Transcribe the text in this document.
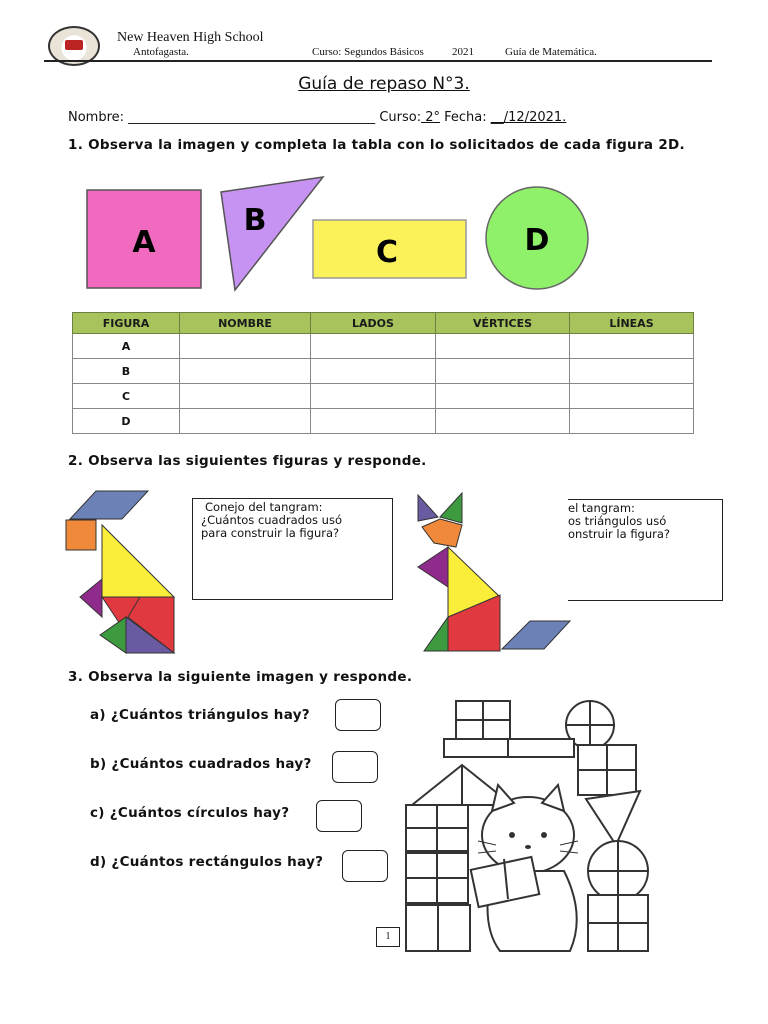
New Heaven High School
Antofagasta.	Curso: Segundos Básicos	2021	Guía de Matemática.
Guía de repaso N°3.
Nombre: ______________________________________ Curso: 2° Fecha: __/12/2021.
1. Observa la imagen y completa la tabla con lo solicitados de cada figura 2D.
A
B
C	D
FIGURA	NOMBRE	LADOS	VÉRTICES	LÍNEAS
A				
B				
C				
D				
2. Observa las siguientes figuras y responde.
Conejo del tangram:
¿Cuántos cuadrados usó
para construir la figura?
el tangram:
os triángulos usó
onstruir la figura?
3. Observa la siguiente imagen y responde.
a) ¿Cuántos triángulos hay?
b) ¿Cuántos cuadrados hay?
c) ¿Cuántos círculos hay?
d) ¿Cuántos rectángulos hay?
1
